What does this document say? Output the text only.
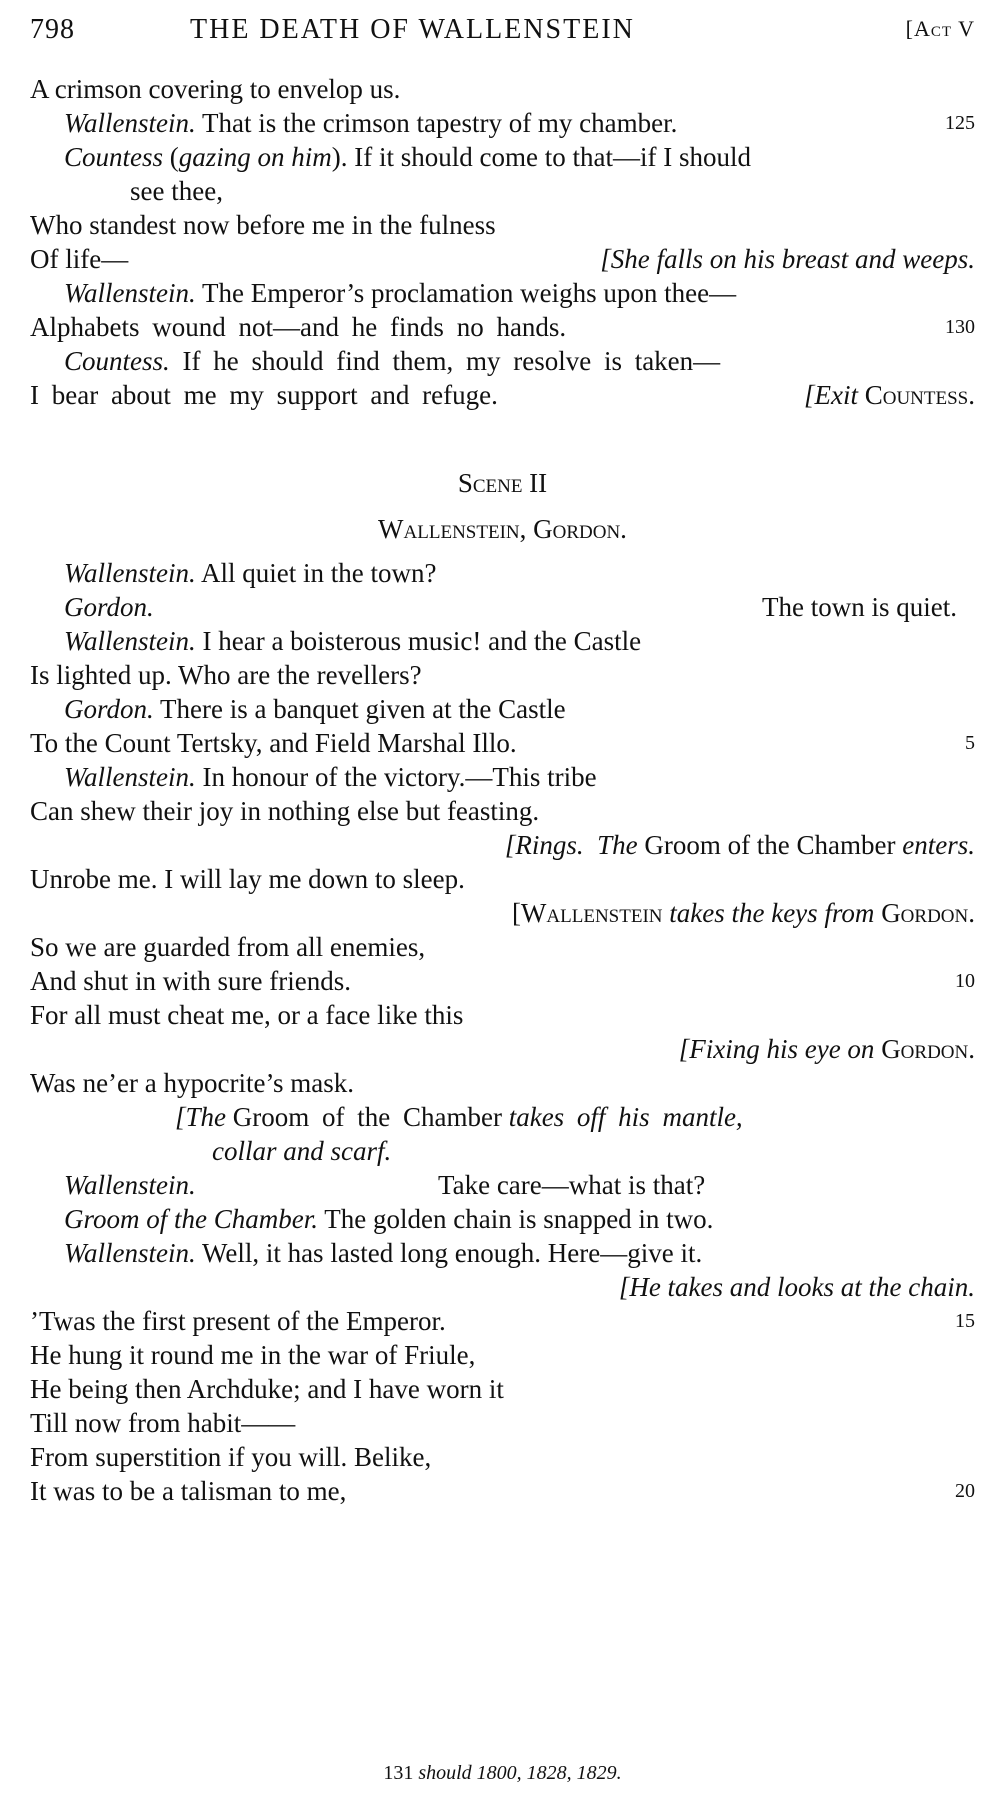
798	THE DEATH OF WALLENSTEIN	[Act V
A crimson covering to envelop us.
Wallenstein. That is the crimson tapestry of my chamber.	125
Countess (gazing on him). If it should come to that—if I should
see thee,
Who standest now before me in the fulness
Of life—	[She falls on his breast and weeps.
Wallenstein. The Emperor’s proclamation weighs upon thee—
Alphabets wound not—and he finds no hands.	130
Countess. If he should find them, my resolve is taken—
I bear about me my support and refuge.	[Exit Countess.
Scene II
Wallenstein, Gordon.
Wallenstein. All quiet in the town?
Gordon.	The town is quiet.
Wallenstein. I hear a boisterous music! and the Castle
Is lighted up. Who are the revellers?
Gordon. There is a banquet given at the Castle
To the Count Tertsky, and Field Marshal Illo.	5
Wallenstein. In honour of the victory.—This tribe
Can shew their joy in nothing else but feasting.
[Rings. The Groom of the Chamber enters.
Unrobe me. I will lay me down to sleep.
[Wallenstein takes the keys from Gordon.
So we are guarded from all enemies,
And shut in with sure friends.	10
For all must cheat me, or a face like this
[Fixing his eye on Gordon.
Was ne’er a hypocrite’s mask.
[The Groom of the Chamber takes off his mantle,
collar and scarf.
Wallenstein.	Take care—what is that?
Groom of the Chamber. The golden chain is snapped in two.
Wallenstein. Well, it has lasted long enough. Here—give it.
[He takes and looks at the chain.
’Twas the first present of the Emperor.	15
He hung it round me in the war of Friule,
He being then Archduke; and I have worn it
Till now from habit——
From superstition if you will. Belike,
It was to be a talisman to me,	20
131 should 1800, 1828, 1829.
